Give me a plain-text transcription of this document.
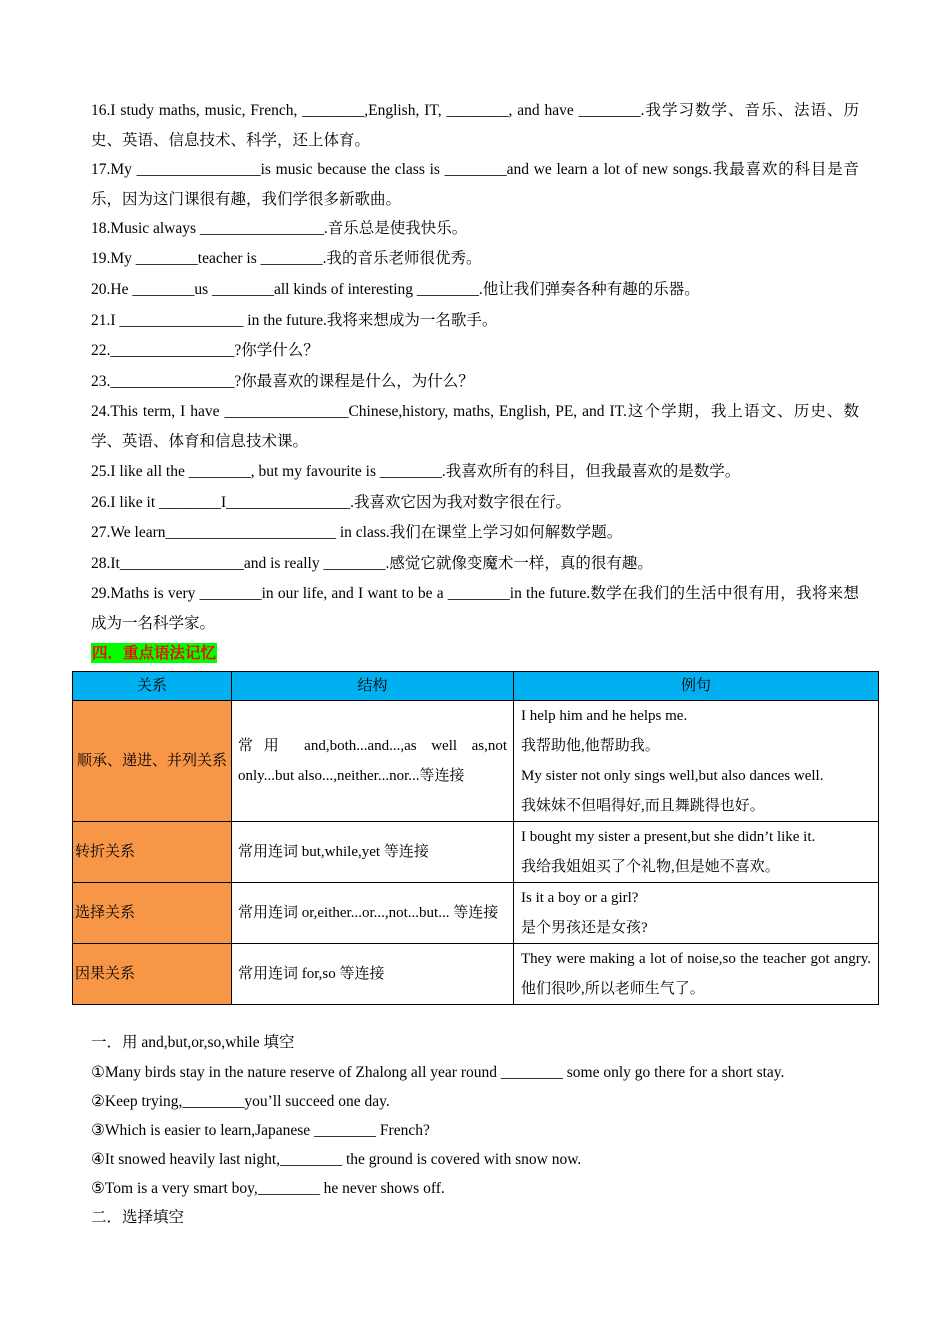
16.I study maths, music, French, ________,English, IT, ________, and have ________.我学习数学、音乐、法语、历史、英语、信息技术、科学，还上体育。
17.My ________________is music because the class is ________and we learn a lot of new songs.我最喜欢的科目是音乐，因为这门课很有趣，我们学很多新歌曲。
18.Music always ________________.音乐总是使我快乐。
19.My ________teacher is ________.我的音乐老师很优秀。
20.He ________us ________all kinds of interesting ________.他让我们弹奏各种有趣的乐器。
21.I ________________ in the future.我将来想成为一名歌手。
22.________________?你学什么？
23.________________?你最喜欢的课程是什么，为什么？
24.This term, I have ________________Chinese,history, maths, English, PE, and IT.这个学期，我上语文、历史、数学、英语、体育和信息技术课。
25.I like all the ________, but my favourite is ________.我喜欢所有的科目，但我最喜欢的是数学。
26.I like it ________I________________.我喜欢它因为我对数字很在行。
27.We learn______________________ in class.我们在课堂上学习如何解数学题。
28.It________________and is really ________.感觉它就像变魔术一样，真的很有趣。
29.Maths is very ________in our life, and I want to be a ________in the future.数学在我们的生活中很有用，我将来想成为一名科学家。
四．重点语法记忆
关系	结构	例句

顺承、递进、并列关系	常用 and,both...and...,as well as,not only...but also...,neither...nor...等连接	I help him and he helps me.
我帮助他,他帮助我。
My sister not only sings well,but also dances well.
我妹妹不但唱得好,而且舞跳得也好。

转折关系	常用连词 but,while,yet 等连接	I bought my sister a present,but she didn’t like it.
我给我姐姐买了个礼物,但是她不喜欢。

选择关系	常用连词 or,either...or...,not...but... 等连接	Is it a boy or a girl?
是个男孩还是女孩?

因果关系	常用连词 for,so 等连接	They were making a lot of noise,so the teacher got angry.他们很吵,所以老师生气了。
一．用 and,but,or,so,while 填空
①Many birds stay in the nature reserve of Zhalong all year round ________ some only go there for a short stay.
②Keep trying,________you’ll succeed one day.
③Which is easier to learn,Japanese ________ French?
④It snowed heavily last night,________ the ground is covered with snow now.
⑤Tom is a very smart boy,________ he never shows off.
二．选择填空
